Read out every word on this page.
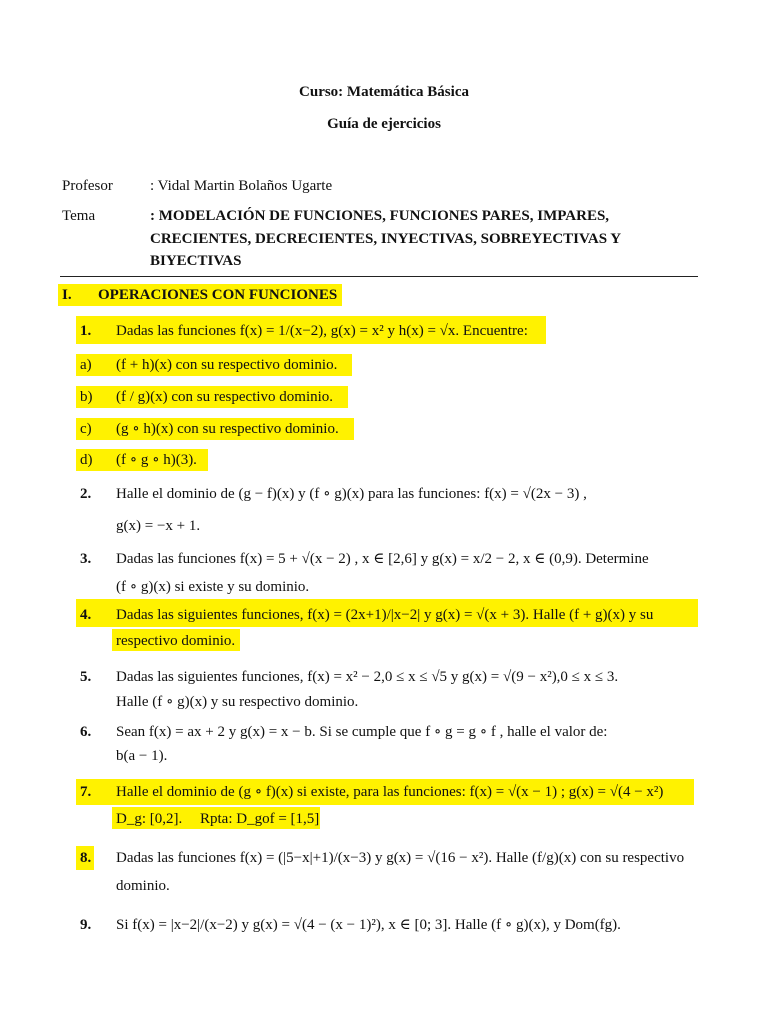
Curso: Matemática Básica
Guía de ejercicios
Profesor : Vidal Martin Bolaños Ugarte
Tema	: MODELACIÓN DE FUNCIONES, FUNCIONES PARES, IMPARES,
CRECIENTES, DECRECIENTES, INYECTIVAS, SOBREYECTIVAS Y
BIYECTIVAS
I. OPERACIONES CON FUNCIONES
1. Dadas las funciones f(x) = 1/(x−2), g(x) = x² y h(x) = √x. Encuentre:
a) (f + h)(x) con su respectivo dominio.
b) (f / g)(x) con su respectivo dominio.
c) (g ∘ h)(x) con su respectivo dominio.
d) (f ∘ g ∘ h)(3).
2. Halle el dominio de (g − f)(x) y (f ∘ g)(x) para las funciones: f(x) = √(2x − 3) ,
g(x) = −x + 1.
3. Dadas las funciones f(x) = 5 + √(x − 2) , x ∈ [2,6] y g(x) = x/2 − 2, x ∈ (0,9). Determine
(f ∘ g)(x) si existe y su dominio.
4. Dadas las siguientes funciones, f(x) = (2x+1)/|x−2| y g(x) = √(x + 3). Halle (f + g)(x) y su
respectivo dominio.
5. Dadas las siguientes funciones, f(x) = x² − 2,0 ≤ x ≤ √5 y g(x) = √(9 − x²),0 ≤ x ≤ 3.
Halle (f ∘ g)(x) y su respectivo dominio.
6. Sean f(x) = ax + 2 y g(x) = x − b. Si se cumple que f ∘ g = g ∘ f , halle el valor de:
b(a − 1).
7. Halle el dominio de (g ∘ f)(x) si existe, para las funciones: f(x) = √(x − 1) ; g(x) = √(4 − x²)
D_g: [0,2]. Rpta: D_gof = [1,5]
8. Dadas las funciones f(x) = (|5−x|+1)/(x−3) y g(x) = √(16 − x²). Halle (f/g)(x) con su respectivo
dominio.
9. Si f(x) = |x−2|/(x−2) y g(x) = √(4 − (x − 1)²), x ∈ [0; 3]. Halle (f ∘ g)(x), y Dom(fg).
